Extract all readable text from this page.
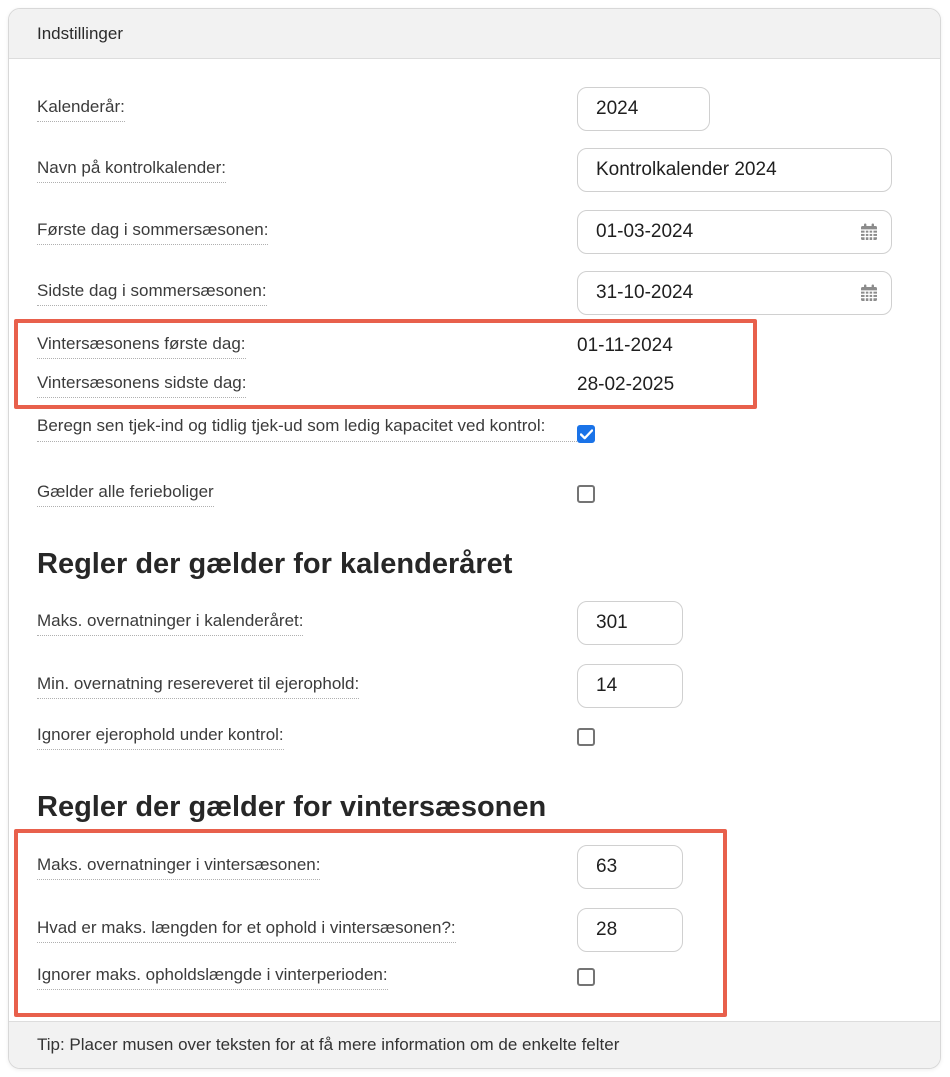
Indstillinger
Kalenderår:
2024
Navn på kontrolkalender:
Kontrolkalender 2024
Første dag i sommersæsonen:
01-03-2024
Sidste dag i sommersæsonen:
31-10-2024
Vintersæsonens første dag:	01-11-2024
Vintersæsonens sidste dag:	28-02-2025
Beregn sen tjek-ind og tidlig tjek-ud som ledig kapacitet ved kontrol:
Gælder alle ferieboliger
Regler der gælder for kalenderåret
Maks. overnatninger i kalenderåret:
301
Min. overnatning resereveret til ejerophold:
14
Ignorer ejerophold under kontrol:
Regler der gælder for vintersæsonen
Maks. overnatninger i vintersæsonen:
63
Hvad er maks. længden for et ophold i vintersæsonen?:
28
Ignorer maks. opholdslængde i vinterperioden:
Tip: Placer musen over teksten for at få mere information om de enkelte felter
